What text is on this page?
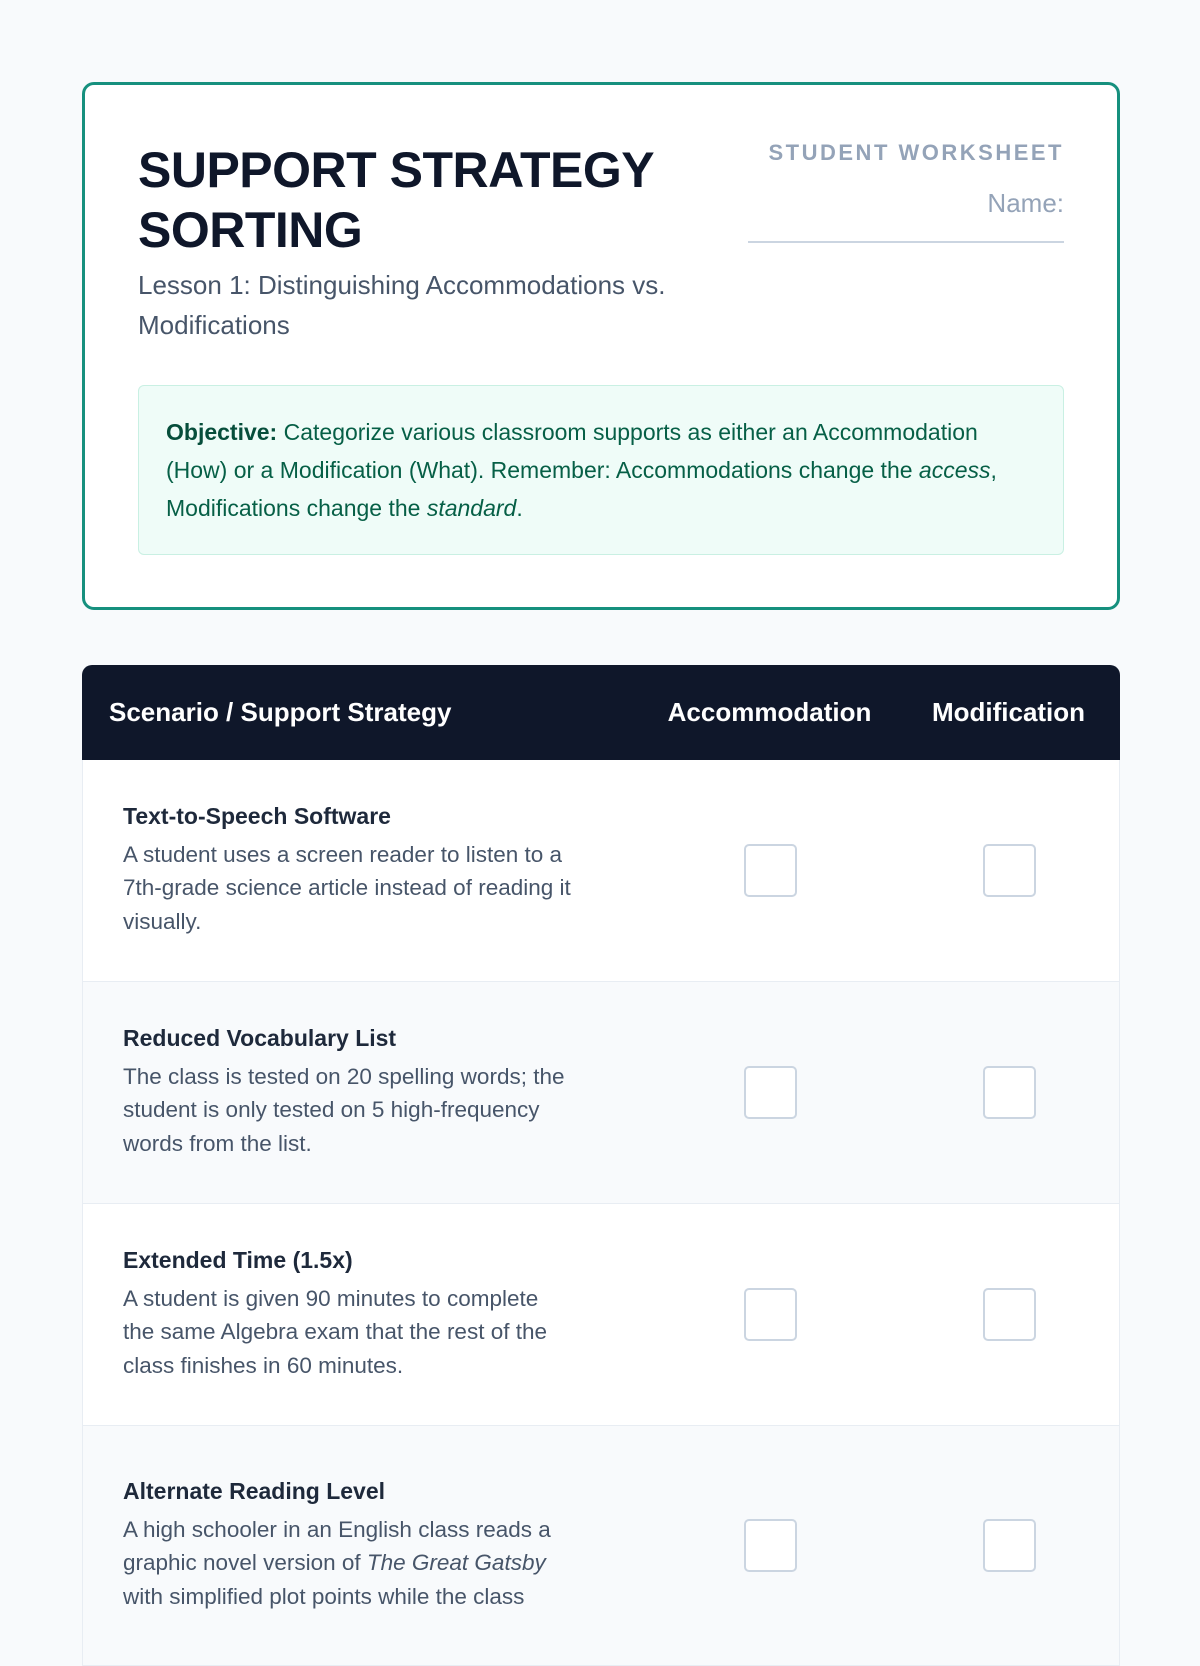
SUPPORT STRATEGY SORTING
Lesson 1: Distinguishing Accommodations vs. Modifications
STUDENT WORKSHEET
Name:
Objective: Categorize various classroom supports as either an Accommodation (How) or a Modification (What). Remember: Accommodations change the access, Modifications change the standard.
Scenario / Support Strategy	Accommodation	Modification
Text-to-Speech Software
A student uses a screen reader to listen to a 7th-grade science article instead of reading it visually.
Reduced Vocabulary List
The class is tested on 20 spelling words; the student is only tested on 5 high-frequency words from the list.
Extended Time (1.5x)
A student is given 90 minutes to complete the same Algebra exam that the rest of the class finishes in 60 minutes.
Alternate Reading Level
A high schooler in an English class reads a graphic novel version of The Great Gatsby with simplified plot points while the class
